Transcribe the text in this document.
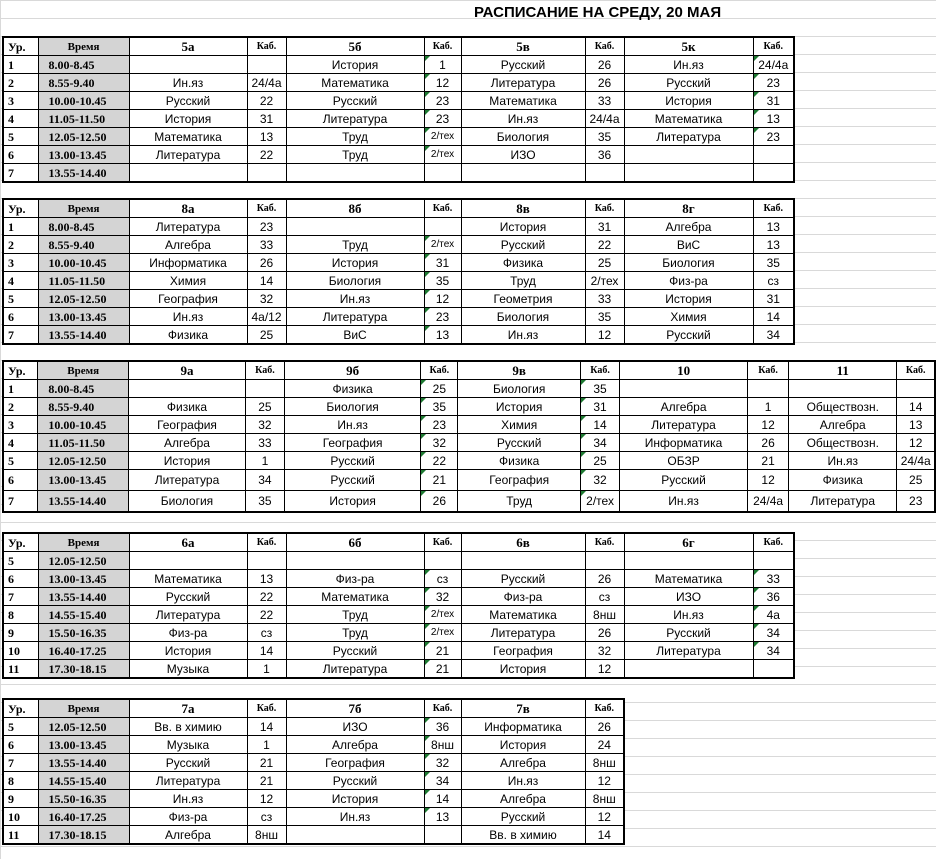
РАСПИСАНИЕ НА СРЕДУ, 20 МАЯ
Ур.	Время	5а	Каб.	5б	Каб.	5в	Каб.	5к	Каб.
1	8.00-8.45			История	1	Русский	26	Ин.яз	24/4а
2	8.55-9.40	Ин.яз	24/4а	Математика	12	Литература	26	Русский	23
3	10.00-10.45	Русский	22	Русский	23	Математика	33	История	31
4	11.05-11.50	История	31	Литература	23	Ин.яз	24/4а	Математика	13
5	12.05-12.50	Математика	13	Труд	2/тех	Биология	35	Литература	23
6	13.00-13.45	Литература	22	Труд	2/тех	ИЗО	36		
7	13.55-14.40								
Ур.	Время	8а	Каб.	8б	Каб.	8в	Каб.	8г	Каб.
1	8.00-8.45	Литература	23			История	31	Алгебра	13
2	8.55-9.40	Алгебра	33	Труд	2/тех	Русский	22	ВиС	13
3	10.00-10.45	Информатика	26	История	31	Физика	25	Биология	35
4	11.05-11.50	Химия	14	Биология	35	Труд	2/тех	Физ-ра	сз
5	12.05-12.50	География	32	Ин.яз	12	Геометрия	33	История	31
6	13.00-13.45	Ин.яз	4а/12	Литература	23	Биология	35	Химия	14
7	13.55-14.40	Физика	25	ВиС	13	Ин.яз	12	Русский	34
Ур.	Время	9а	Каб.	9б	Каб.	9в	Каб.	10	Каб.	11	Каб.
1	8.00-8.45			Физика	25	Биология	35				
2	8.55-9.40	Физика	25	Биология	35	История	31	Алгебра	1	Обществозн.	14
3	10.00-10.45	География	32	Ин.яз	23	Химия	14	Литература	12	Алгебра	13
4	11.05-11.50	Алгебра	33	География	32	Русский	34	Информатика	26	Обществозн.	12
5	12.05-12.50	История	1	Русский	22	Физика	25	ОБЗР	21	Ин.яз	24/4а
6	13.00-13.45	Литература	34	Русский	21	География	32	Русский	12	Физика	25
7	13.55-14.40	Биология	35	История	26	Труд	2/тех	Ин.яз	24/4а	Литература	23
Ур.	Время	6а	Каб.	6б	Каб.	6в	Каб.	6г	Каб.
5	12.05-12.50								
6	13.00-13.45	Математика	13	Физ-ра	сз	Русский	26	Математика	33
7	13.55-14.40	Русский	22	Математика	32	Физ-ра	сз	ИЗО	36
8	14.55-15.40	Литература	22	Труд	2/тех	Математика	8нш	Ин.яз	4а
9	15.50-16.35	Физ-ра	сз	Труд	2/тех	Литература	26	Русский	34
10	16.40-17.25	История	14	Русский	21	География	32	Литература	34
11	17.30-18.15	Музыка	1	Литература	21	История	12		
Ур.	Время	7а	Каб.	7б	Каб.	7в	Каб.
5	12.05-12.50	Вв. в химию	14	ИЗО	36	Информатика	26
6	13.00-13.45	Музыка	1	Алгебра	8нш	История	24
7	13.55-14.40	Русский	21	География	32	Алгебра	8нш
8	14.55-15.40	Литература	21	Русский	34	Ин.яз	12
9	15.50-16.35	Ин.яз	12	История	14	Алгебра	8нш
10	16.40-17.25	Физ-ра	сз	Ин.яз	13	Русский	12
11	17.30-18.15	Алгебра	8нш			Вв. в химию	14
